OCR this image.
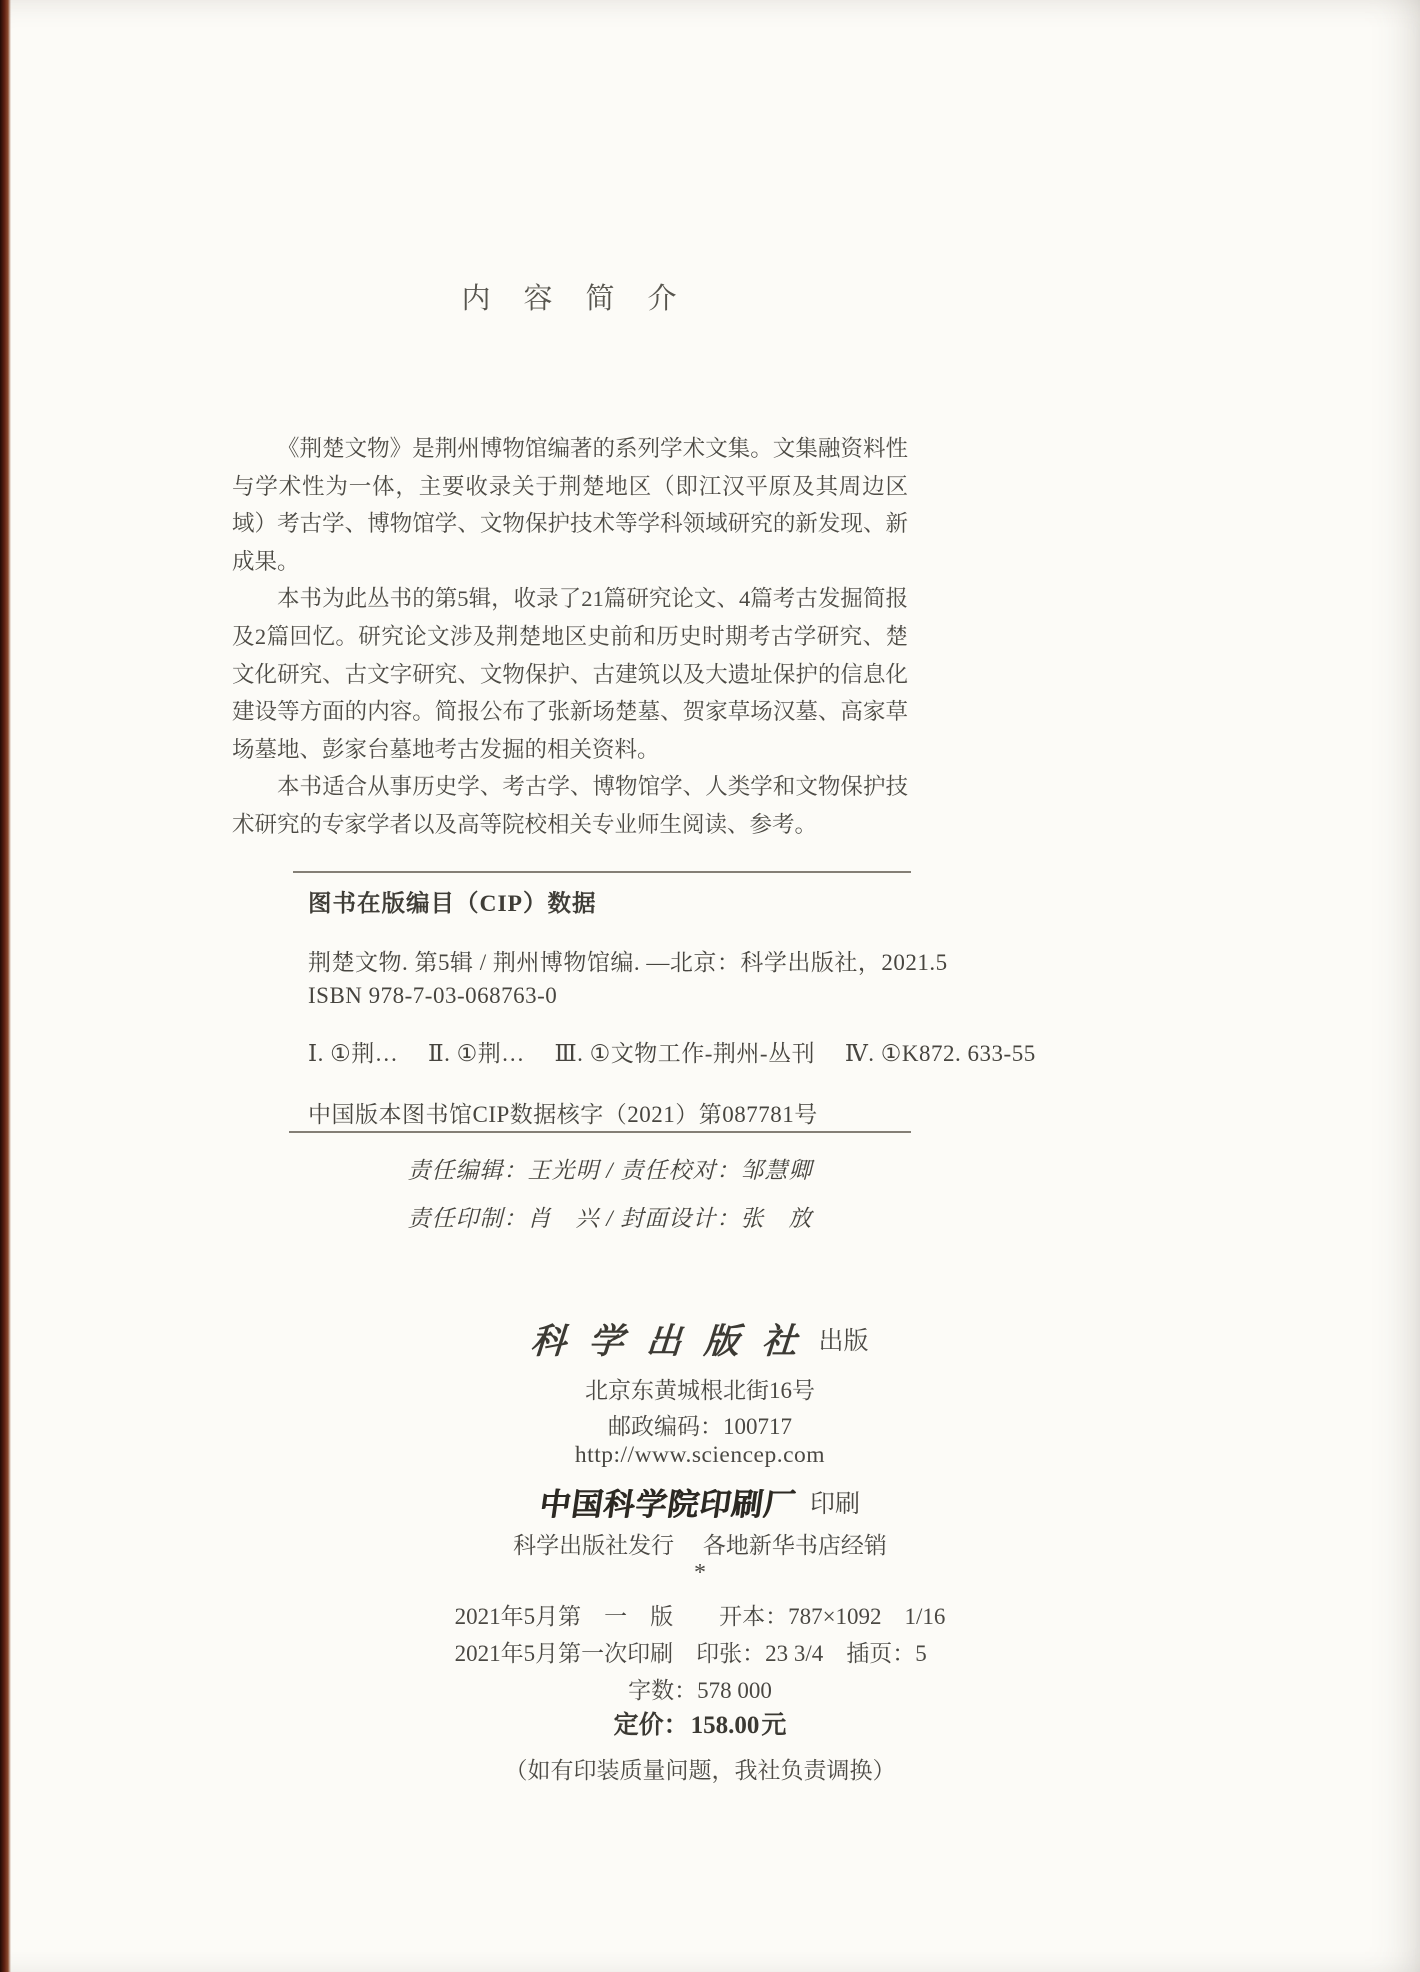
内　容　简　介

《荆楚文物》是荆州博物馆编著的系列学术文集。文集融资料性与学术性为一体，主要收录关于荆楚地区（即江汉平原及其周边区域）考古学、博物馆学、文物保护技术等学科领域研究的新发现、新成果。

本书为此丛书的第5辑，收录了21篇研究论文、4篇考古发掘简报及2篇回忆。研究论文涉及荆楚地区史前和历史时期考古学研究、楚文化研究、古文字研究、文物保护、古建筑以及大遗址保护的信息化建设等方面的内容。简报公布了张新场楚墓、贺家草场汉墓、高家草场墓地、彭家台墓地考古发掘的相关资料。

本书适合从事历史学、考古学、博物馆学、人类学和文物保护技术研究的专家学者以及高等院校相关专业师生阅读、参考。

图书在版编目（CIP）数据
荆楚文物. 第5辑 / 荆州博物馆编. —北京：科学出版社，2021.5
ISBN 978-7-03-068763-0
Ⅰ. ①荆…　 Ⅱ. ①荆…　 Ⅲ. ①文物工作-荆州-丛刊　 Ⅳ. ①K872. 633-55
中国版本图书馆CIP数据核字（2021）第087781号
责任编辑：王光明 / 责任校对：邹慧卿
责任印制：肖　兴 / 封面设计：张　放
科 学 出 版 社 出版
北京东黄城根北街16号
邮政编码：100717
http://www.sciencep.com
中国科学院印刷厂 印刷
科学出版社发行　 各地新华书店经销
*
2021年5月第　一　版　　开本：787×1092　1/16
2021年5月第一次印刷　印张：23 3/4　插页：5
字数：578 000
定价：158.00元
（如有印装质量问题，我社负责调换）
